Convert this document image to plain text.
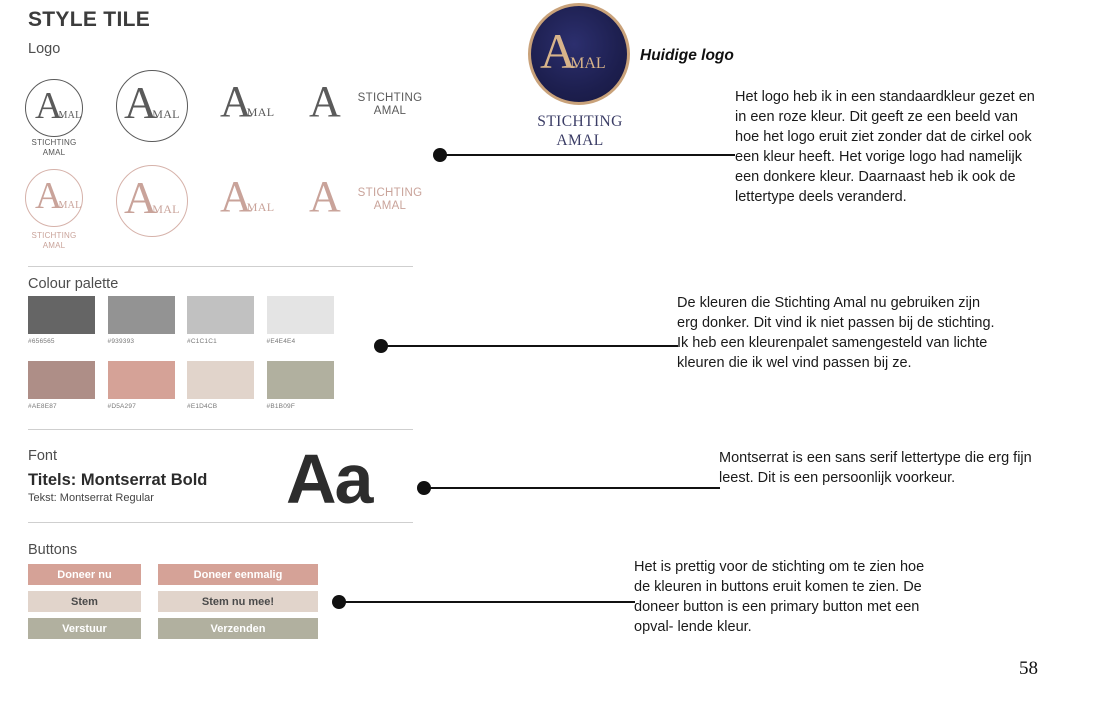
STYLE TILE
Logo
A
MAL
STICHTING
AMAL
A
MAL A
MAL A	STICHTING
AMAL
A
MAL
STICHTING
AMAL
A
MAL A
MAL A	STICHTING
AMAL
Colour palette
#656565	#939393	#C1C1C1	#E4E4E4
#AE8E87	#D5A297	#E1D4CB	#B1B09F
Font
Titels: Montserrat Bold
Tekst: Montserrat Regular Aa
Buttons
Doneer nu	Doneer eenmalig
Stem	Stem nu mee!
Verstuur	Verzenden
A
MAL
STICHTING
AMAL
Huidige logo
Het logo heb ik in een standaardkleur gezet en in een roze kleur. Dit geeft ze een beeld van hoe het logo eruit ziet zonder dat de cirkel ook een kleur heeft. Het vorige logo had namelijk een donkere kleur. Daarnaast heb ik ook de lettertype deels veranderd.
De kleuren die Stichting Amal nu gebruiken zijn erg donker. Dit vind ik niet passen bij de stichting. Ik heb een kleurenpalet samengesteld van lichte kleuren die ik wel vind passen bij ze.
Montserrat is een sans serif lettertype die erg fijn leest. Dit is een persoonlijk voorkeur.
Het is prettig voor de stichting om te zien hoe de kleuren in buttons eruit komen te zien. De doneer button is een primary button met een opval- lende kleur.
58
